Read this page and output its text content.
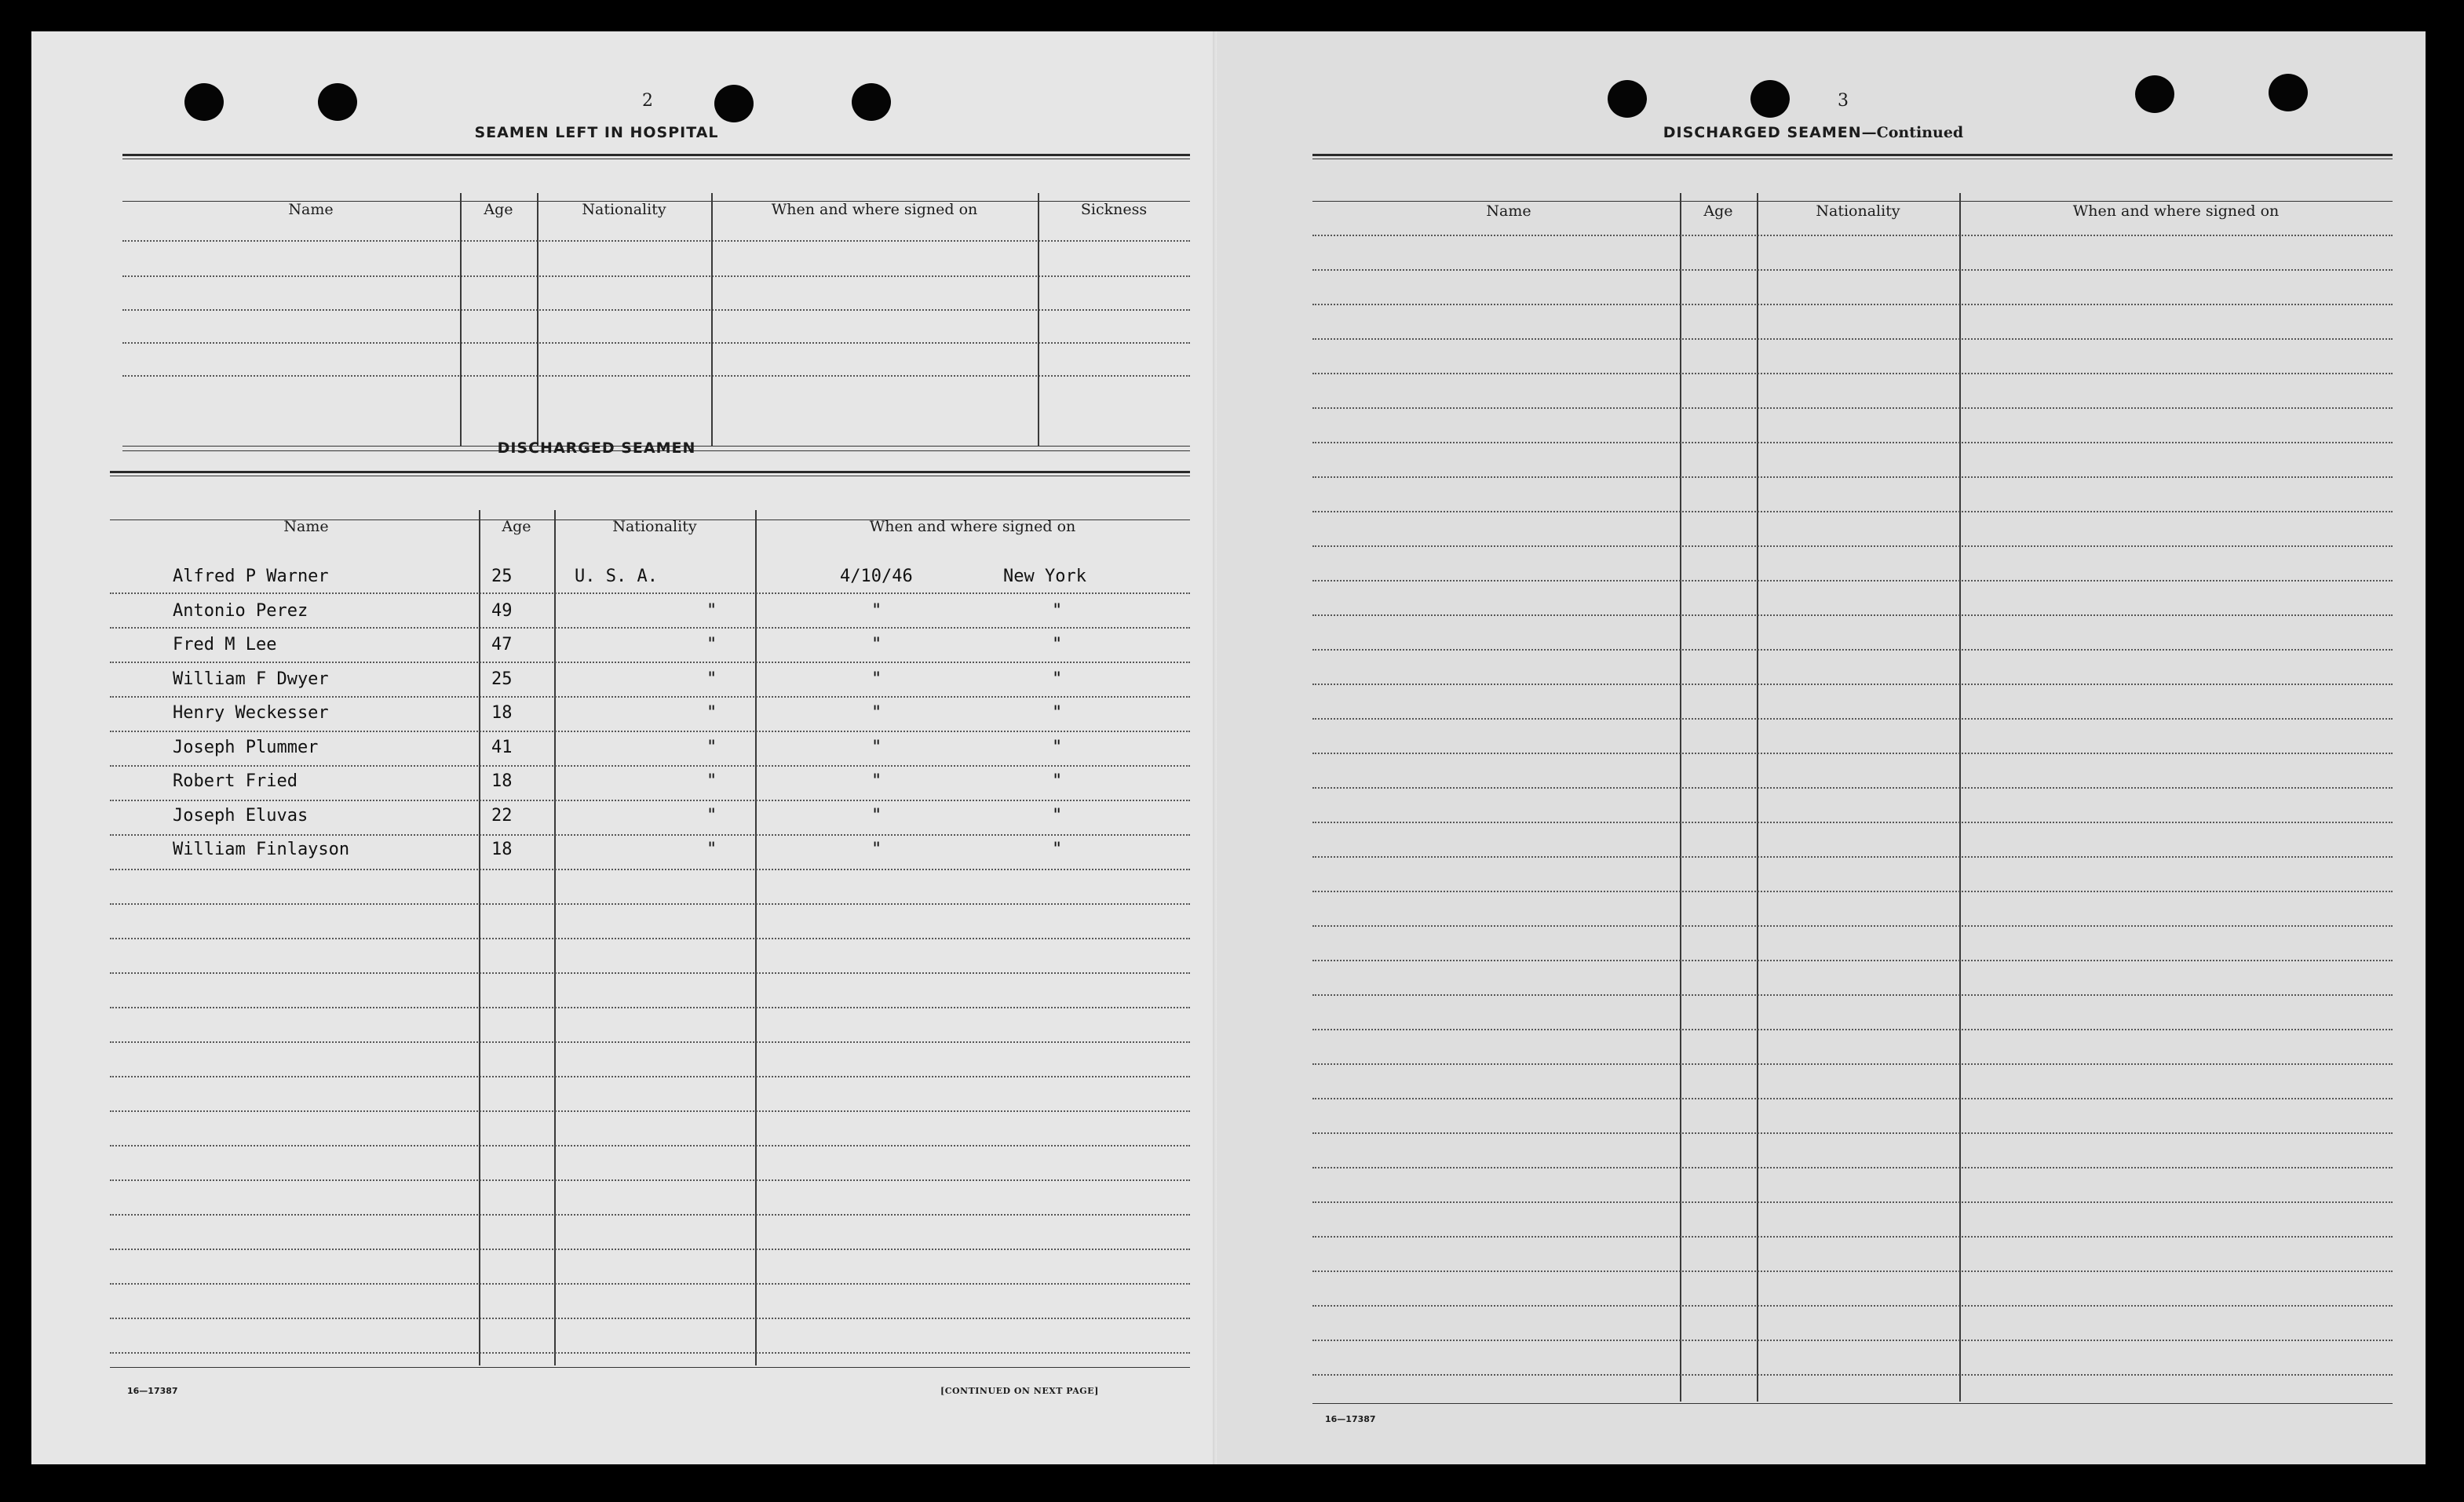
2
SEAMEN LEFT IN HOSPITAL
Name	Age	Nationality	When and where signed on	Sickness
DISCHARGED SEAMEN
Name	Age	Nationality	When and where signed on
Alfred P Warner	25	U. S. A.	4/10/46	New York
Antonio Perez	49	"	"	"
Fred M Lee	47	"	"	"
William F Dwyer	25	"	"	"
Henry Weckesser	18	"	"	"
Joseph Plummer	41	"	"	"
Robert Fried	18	"	"	"
Joseph Eluvas	22	"	"	"
William Finlayson	18	"	"	"
16—17387	[CONTINUED ON NEXT PAGE]
3
DISCHARGED SEAMEN—Continued
Name	Age	Nationality	When and where signed on
16—17387
